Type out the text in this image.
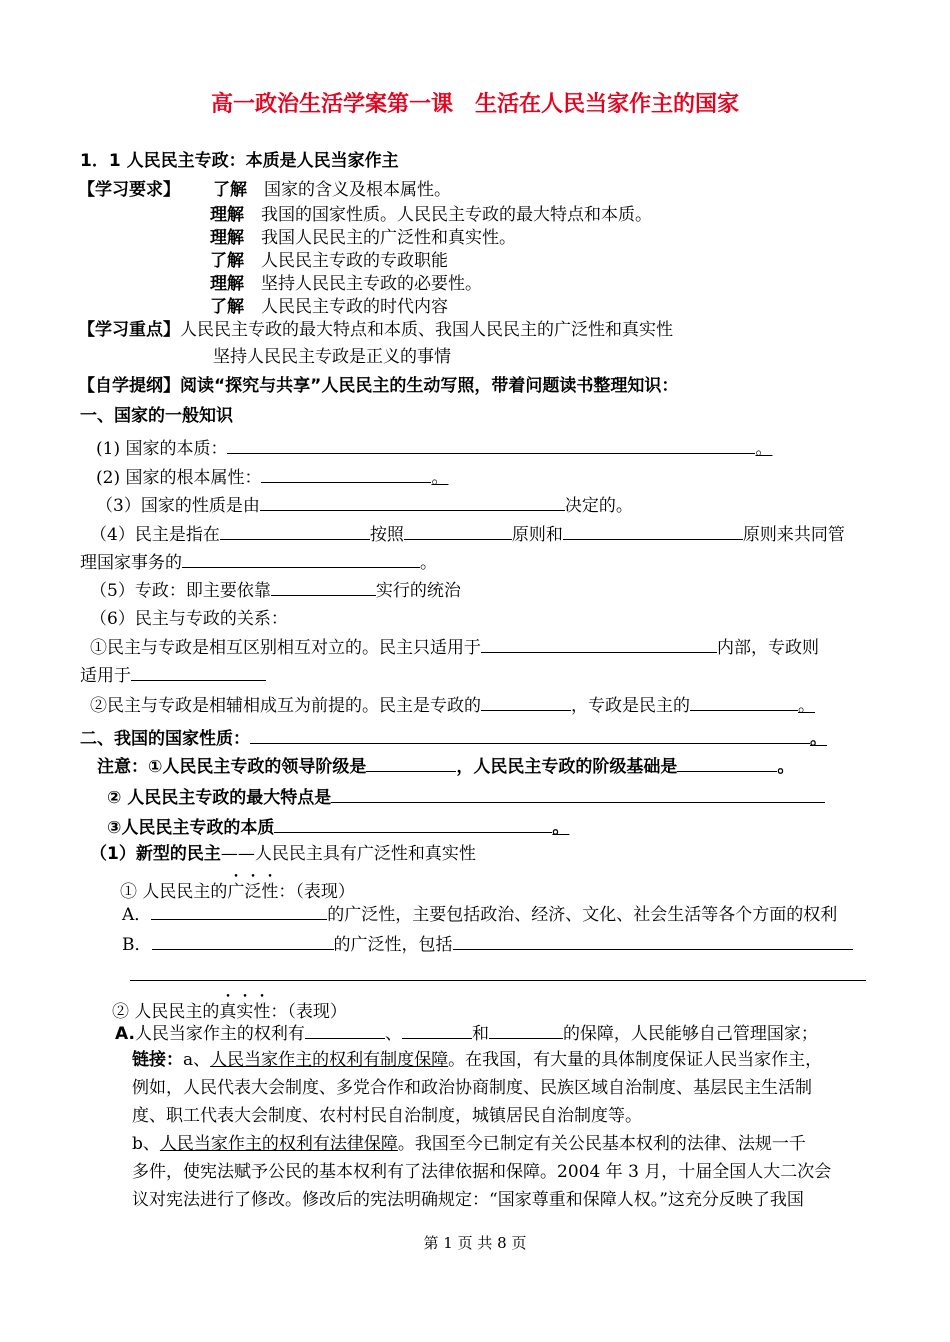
高一政治生活学案第一课　生活在人民当家作主的国家
1．1 人民民主专政：本质是人民当家作主
【学习要求】 了解　 国家的含义及根本属性。
理解　 我国的国家性质。人民民主专政的最大特点和本质。
理解　 我国人民民主的广泛性和真实性。
了解　 人民民主专政的专政职能
理解　 坚持人民民主专政的必要性。
了解　 人民民主专政的时代内容
【学习重点】人民民主专政的最大特点和本质、我国人民民主的广泛性和真实性
坚持人民民主专政是正义的事情
【自学提纲】阅读“探究与共享”人民民主的生动写照，带着问题读书整理知识：
一、国家的一般知识
(1) 国家的本质：	。
(2) 国家的根本属性：	。
（3）国家的性质是由	决定的。
（4）民主是指在	按照	原则和	原则来共同管
理国家事务的	。
（5）专政：即主要依靠	实行的统治
（6）民主与专政的关系：
①民主与专政是相互区别相互对立的。民主只适用于	内部，专政则
适用于
②民主与专政是相辅相成互为前提的。民主是专政的	，专政是民主的	。
二、我国的国家性质：	。
注意：①人民民主专政的领导阶级是	，人民民主专政的阶级基础是	。
② 人民民主专政的最大特点是
③人民民主专政的本质	。
（1）新型的民主——人民民主具有广泛性和真实性
① 人民民主的广泛性：（表现）
A．	的广泛性，主要包括政治、经济、文化、社会生活等各个方面的权利
B．	的广泛性，包括
② 人民民主的真实性：（表现）
A.人民当家作主的权利有	、	和	的保障，人民能够自己管理国家；
链接：a、人民当家作主的权利有制度保障。在我国，有大量的具体制度保证人民当家作主，
例如，人民代表大会制度、多党合作和政治协商制度、民族区域自治制度、基层民主生活制
度、职工代表大会制度、农村村民自治制度，城镇居民自治制度等。
b、人民当家作主的权利有法律保障。我国至今已制定有关公民基本权利的法律、法规一千
多件，使宪法赋予公民的基本权利有了法律依据和保障。2004 年 3 月，十届全国人大二次会
议对宪法进行了修改。修改后的宪法明确规定：“国家尊重和保障人权。”这充分反映了我国
第 1 页 共 8 页
